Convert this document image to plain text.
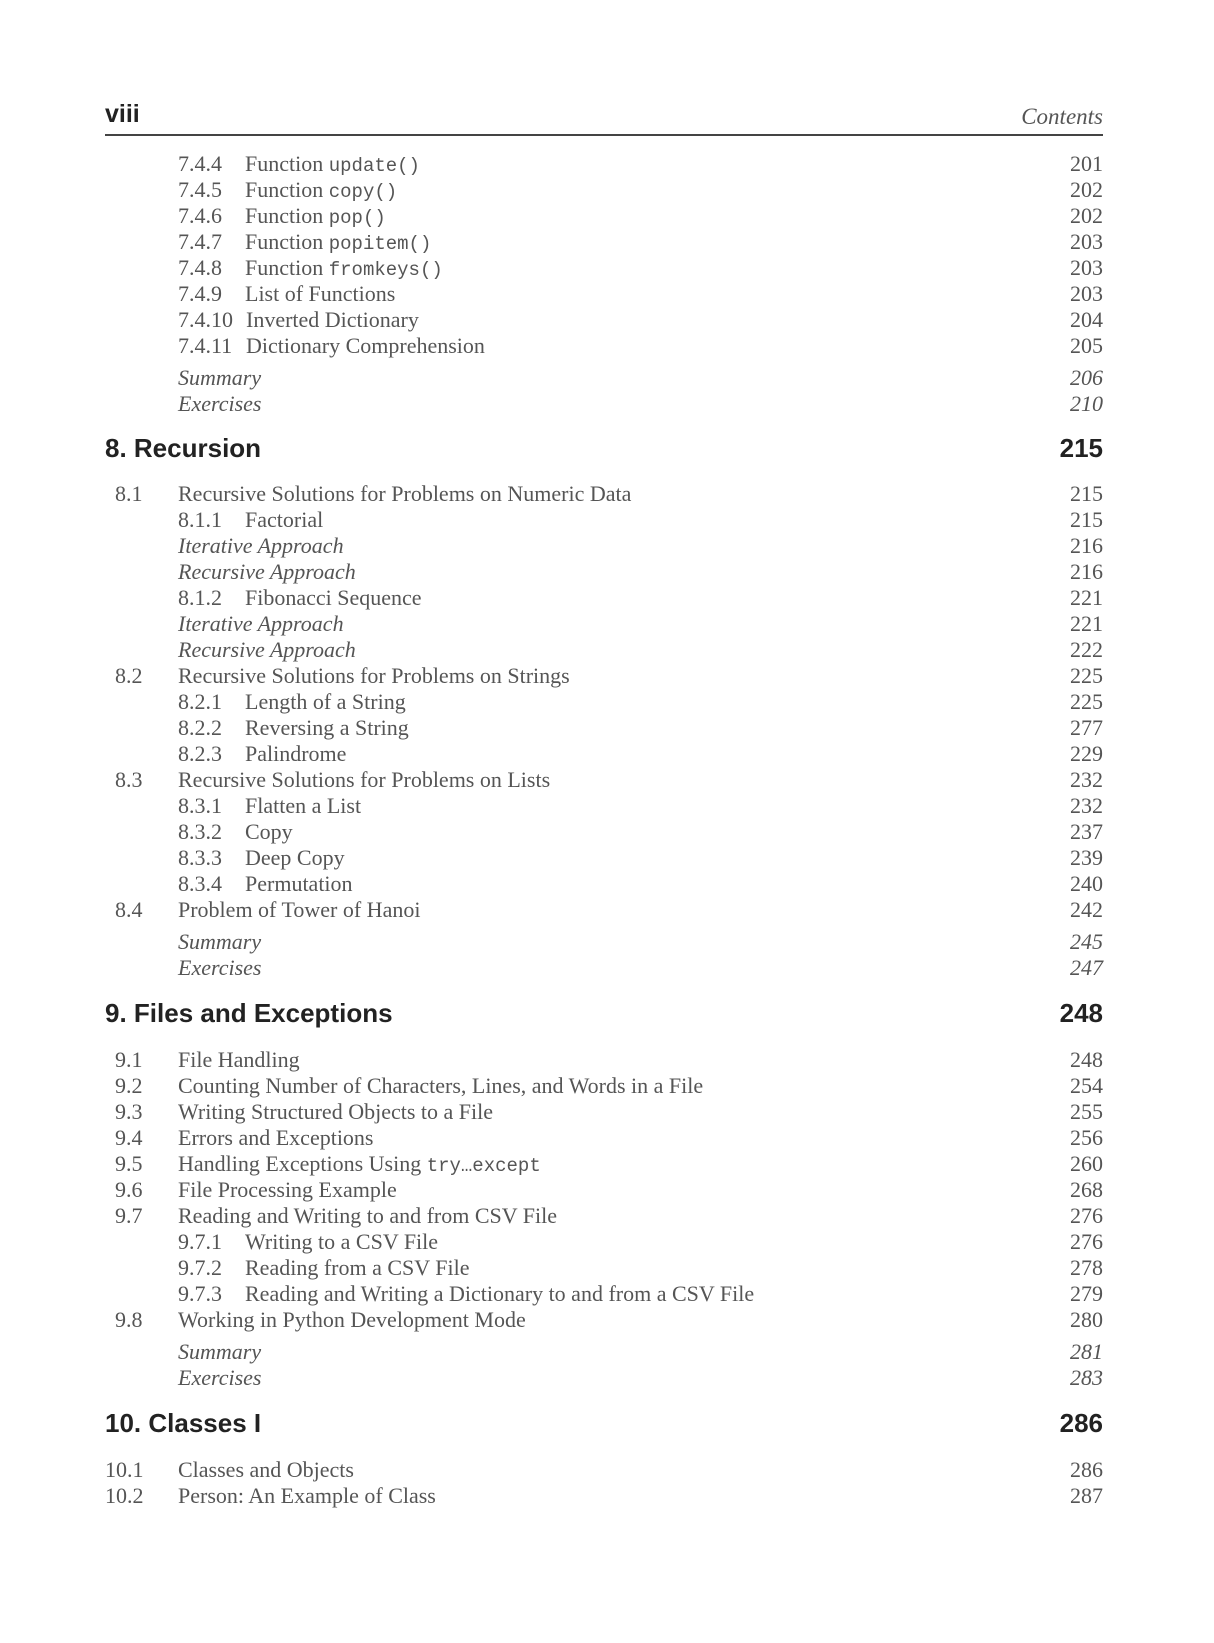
viii	Contents
7.4.4 Function update()	201
7.4.5 Function copy()	202
7.4.6 Function pop()	202
7.4.7 Function popitem()	203
7.4.8 Function fromkeys()	203
7.4.9 List of Functions	203
7.4.10 Inverted Dictionary	204
7.4.11 Dictionary Comprehension	205
Summary	206
Exercises	210
8. Recursion	215
8.1 Recursive Solutions for Problems on Numeric Data	215
8.1.1 Factorial	215
Iterative Approach	216
Recursive Approach	216
8.1.2 Fibonacci Sequence	221
Iterative Approach	221
Recursive Approach	222
8.2 Recursive Solutions for Problems on Strings	225
8.2.1 Length of a String	225
8.2.2 Reversing a String	277
8.2.3 Palindrome	229
8.3 Recursive Solutions for Problems on Lists	232
8.3.1 Flatten a List	232
8.3.2 Copy	237
8.3.3 Deep Copy	239
8.3.4 Permutation	240
8.4 Problem of Tower of Hanoi	242
Summary	245
Exercises	247
9. Files and Exceptions	248
9.1 File Handling	248
9.2 Counting Number of Characters, Lines, and Words in a File	254
9.3 Writing Structured Objects to a File	255
9.4 Errors and Exceptions	256
9.5 Handling Exceptions Using try…except	260
9.6 File Processing Example	268
9.7 Reading and Writing to and from CSV File	276
9.7.1 Writing to a CSV File	276
9.7.2 Reading from a CSV File	278
9.7.3 Reading and Writing a Dictionary to and from a CSV File	279
9.8 Working in Python Development Mode	280
Summary	281
Exercises	283
10. Classes I	286
10.1 Classes and Objects	286
10.2 Person: An Example of Class	287
